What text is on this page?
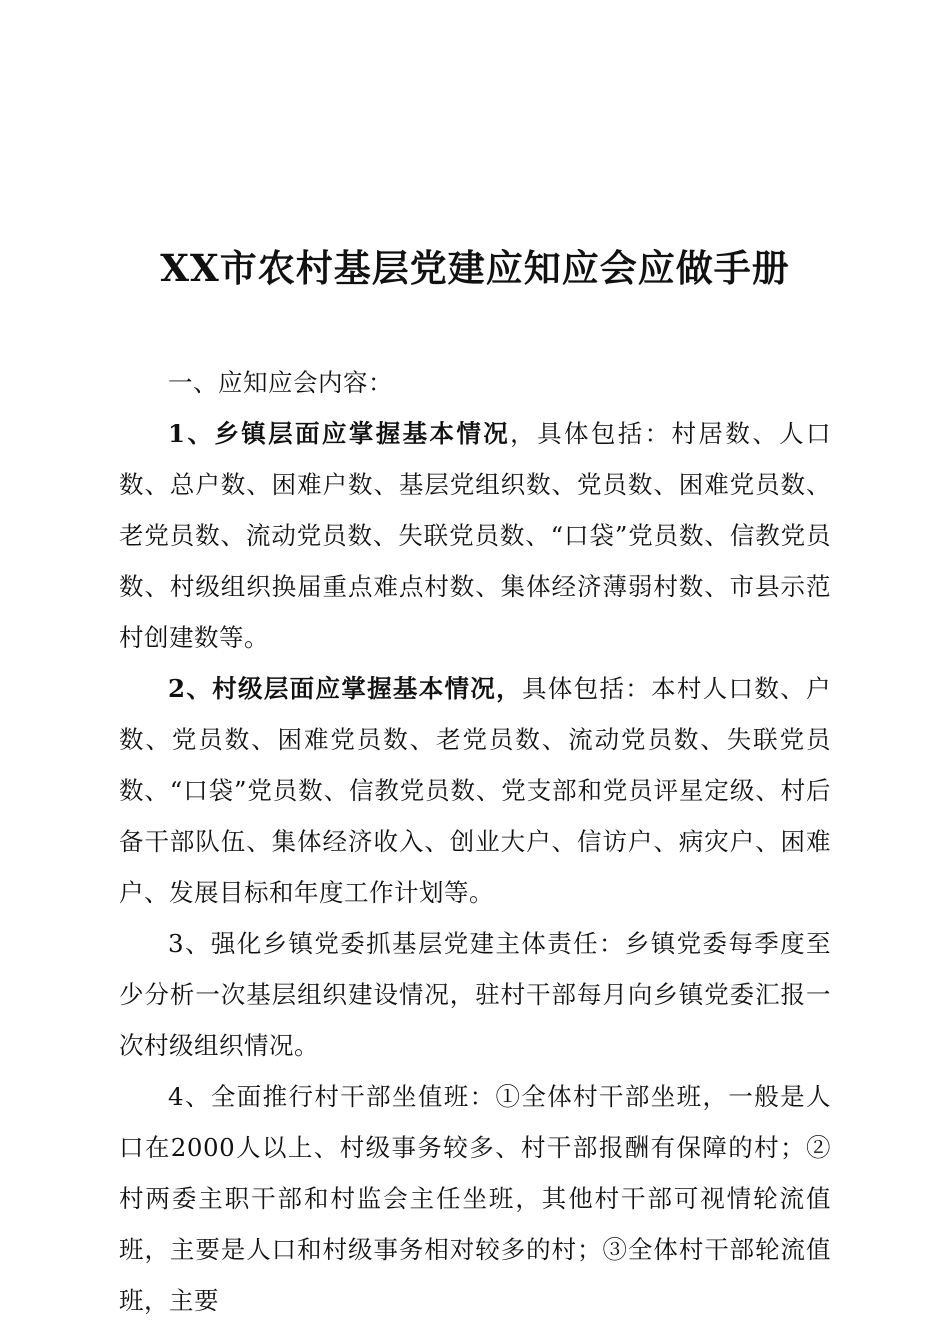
XX市农村基层党建应知应会应做手册

一、应知应会内容：

1、乡镇层面应掌握基本情况，具体包括：村居数、人口数、总户数、困难户数、基层党组织数、党员数、困难党员数、老党员数、流动党员数、失联党员数、“口袋”党员数、信教党员数、村级组织换届重点难点村数、集体经济薄弱村数、市县示范村创建数等。

2、村级层面应掌握基本情况，具体包括：本村人口数、户数、党员数、困难党员数、老党员数、流动党员数、失联党员数、“口袋”党员数、信教党员数、党支部和党员评星定级、村后备干部队伍、集体经济收入、创业大户、信访户、病灾户、困难户、发展目标和年度工作计划等。

3、强化乡镇党委抓基层党建主体责任：乡镇党委每季度至少分析一次基层组织建设情况，驻村干部每月向乡镇党委汇报一次村级组织情况。

4、全面推行村干部坐值班：①全体村干部坐班，一般是人口在2000人以上、村级事务较多、村干部报酬有保障的村；②村两委主职干部和村监会主任坐班，其他村干部可视情轮流值班，主要是人口和村级事务相对较多的村；③全体村干部轮流值班，主要
